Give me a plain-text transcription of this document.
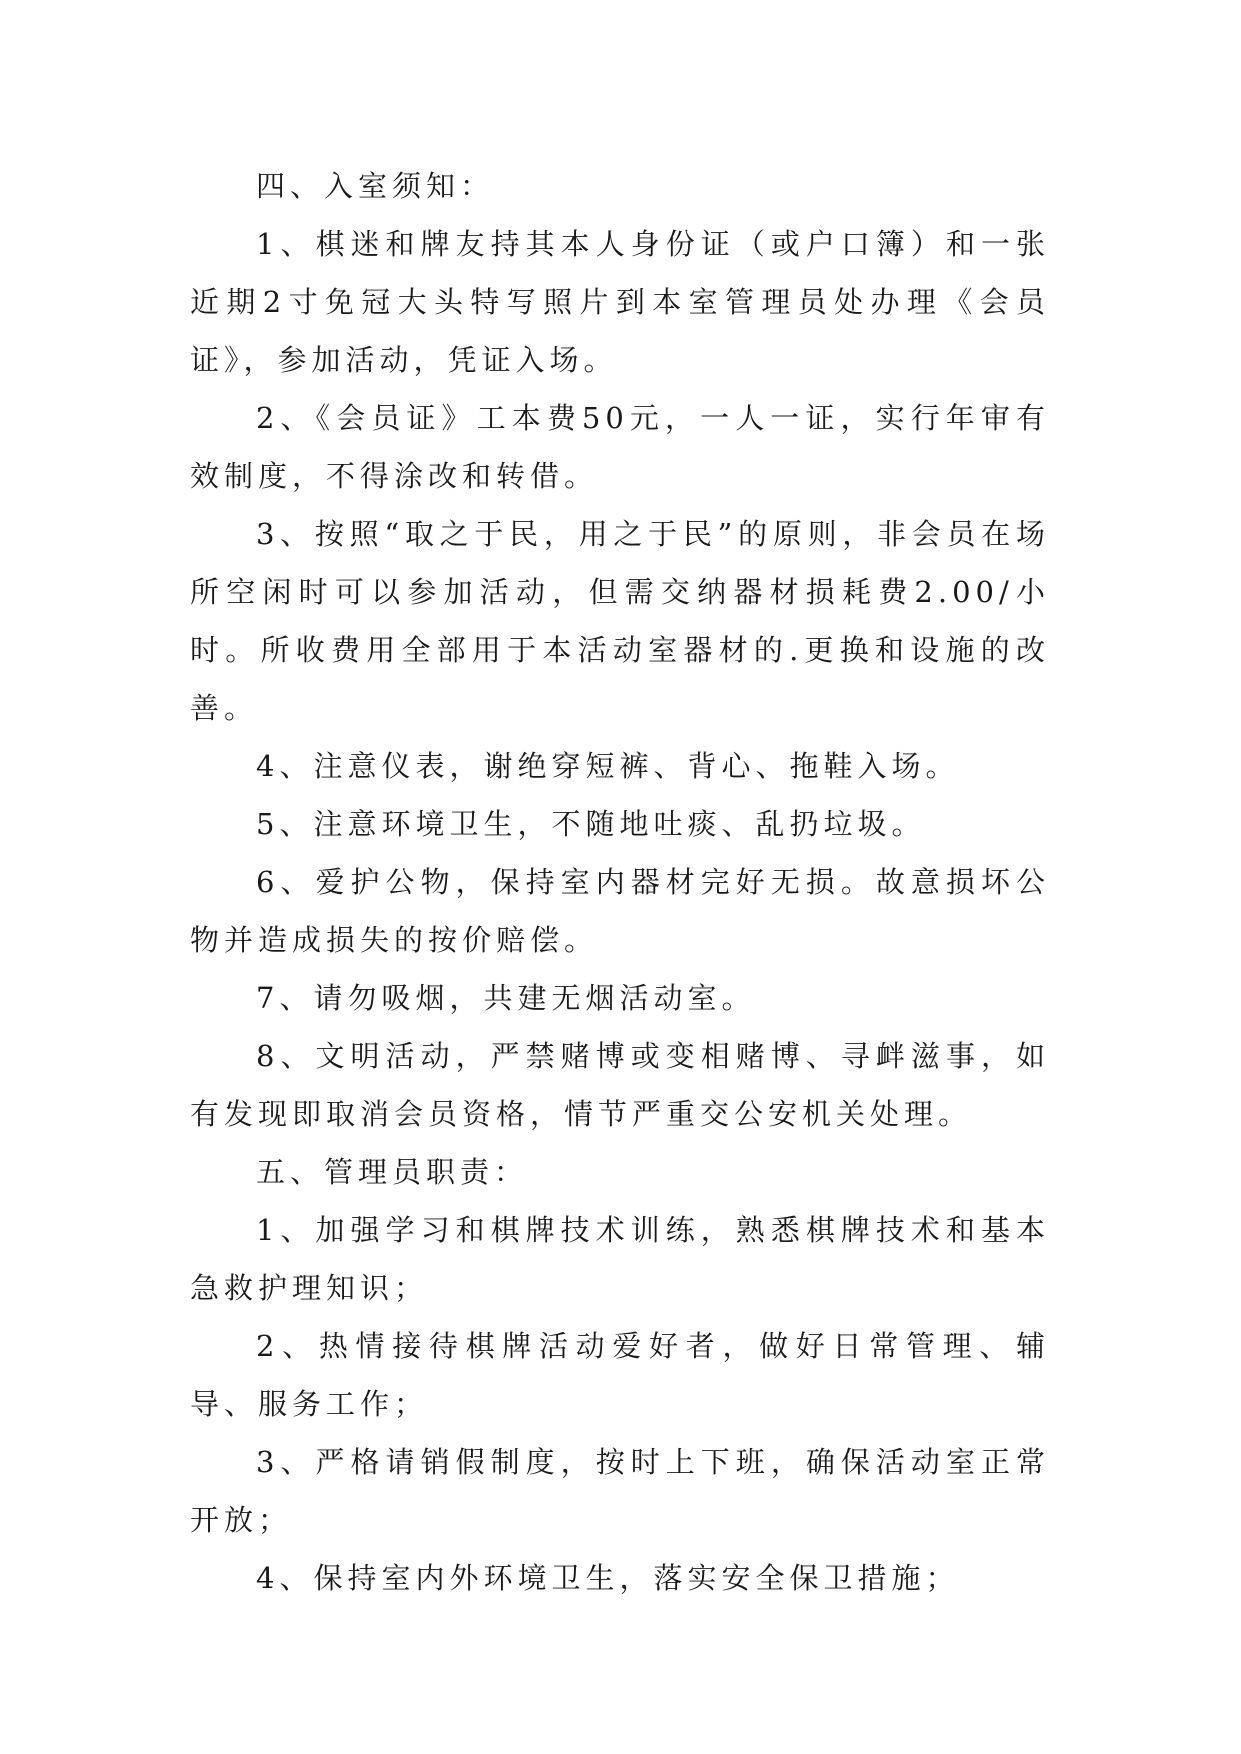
四、入室须知：

1、棋迷和牌友持其本人身份证（或户口簿）和一张近期2寸免冠大头特写照片到本室管理员处办理《会员证》，参加活动，凭证入场。

2、《会员证》工本费50元，一人一证，实行年审有效制度，不得涂改和转借。

3、按照“取之于民，用之于民”的原则，非会员在场所空闲时可以参加活动，但需交纳器材损耗费2.00/小时。所收费用全部用于本活动室器材的.更换和设施的改善。

4、注意仪表，谢绝穿短裤、背心、拖鞋入场。

5、注意环境卫生，不随地吐痰、乱扔垃圾。

6、爱护公物，保持室内器材完好无损。故意损坏公物并造成损失的按价赔偿。

7、请勿吸烟，共建无烟活动室。

8、文明活动，严禁赌博或变相赌博、寻衅滋事，如有发现即取消会员资格，情节严重交公安机关处理。

五、管理员职责：

1、加强学习和棋牌技术训练，熟悉棋牌技术和基本急救护理知识；

2、热情接待棋牌活动爱好者，做好日常管理、辅导、服务工作；

3、严格请销假制度，按时上下班，确保活动室正常开放；

4、保持室内外环境卫生，落实安全保卫措施；
